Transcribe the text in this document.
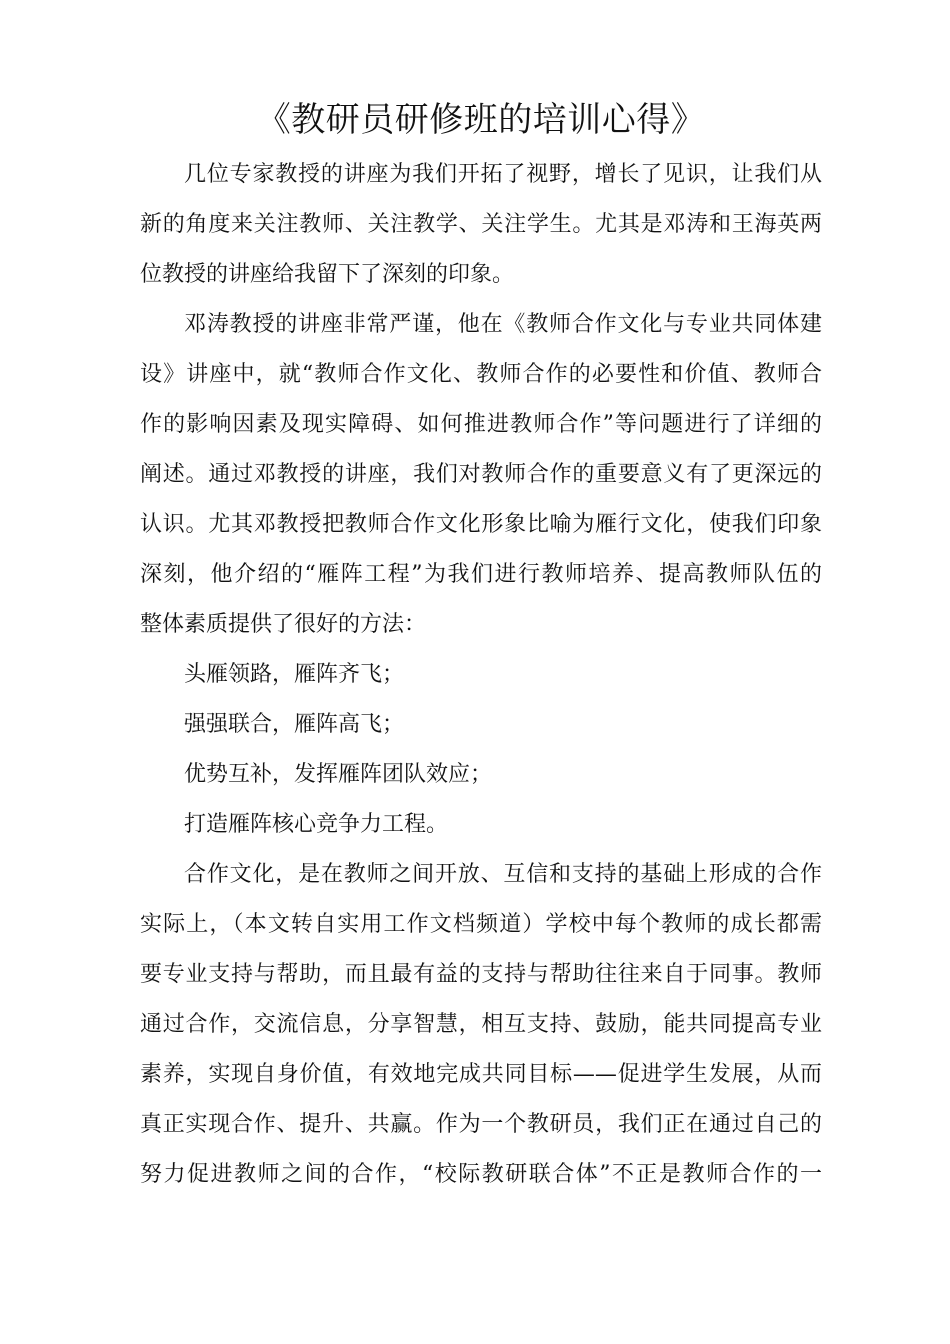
《教研员研修班的培训心得》
几位专家教授的讲座为我们开拓了视野，增长了见识，让我们从
新的角度来关注教师、关注教学、关注学生。尤其是邓涛和王海英两
位教授的讲座给我留下了深刻的印象。
邓涛教授的讲座非常严谨，他在《教师合作文化与专业共同体建
设》讲座中，就“教师合作文化、教师合作的必要性和价值、教师合
作的影响因素及现实障碍、如何推进教师合作”等问题进行了详细的
阐述。通过邓教授的讲座，我们对教师合作的重要意义有了更深远的
认识。尤其邓教授把教师合作文化形象比喻为雁行文化，使我们印象
深刻，他介绍的“雁阵工程”为我们进行教师培养、提高教师队伍的
整体素质提供了很好的方法：
头雁领路，雁阵齐飞；
强强联合，雁阵高飞；
优势互补，发挥雁阵团队效应；
打造雁阵核心竞争力工程。
合作文化，是在教师之间开放、互信和支持的基础上形成的合作
实际上，（本文转自实用工作文档频道）学校中每个教师的成长都需
要专业支持与帮助，而且最有益的支持与帮助往往来自于同事。教师
通过合作，交流信息，分享智慧，相互支持、鼓励，能共同提高专业
素养，实现自身价值，有效地完成共同目标——促进学生发展，从而
真正实现合作、提升、共赢。作为一个教研员，我们正在通过自己的
努力促进教师之间的合作，“校际教研联合体”不正是教师合作的一
